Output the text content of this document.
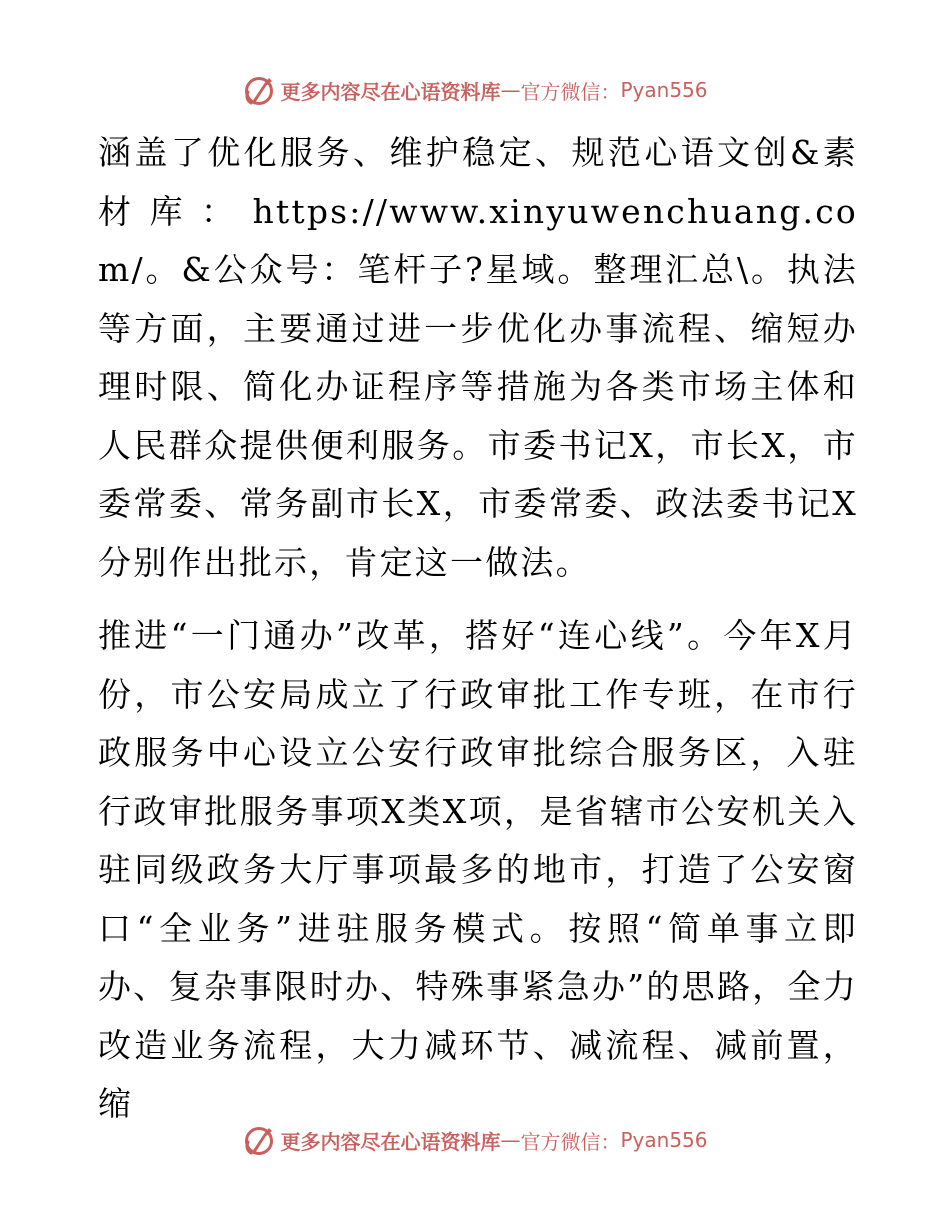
更多内容尽在心语资料库 — 官方微信： Pyan556

涵盖了优化服务、维护稳定、规范心语文创&素材库：https://www.xinyuwenchuang.com/。&公众号：笔杆子?星域。整理汇总\。执法等方面，主要通过进一步优化办事流程、缩短办理时限、简化办证程序等措施为各类市场主体和人民群众提供便利服务。市委书记X，市长X，市委常委、常务副市长X，市委常委、政法委书记X分别作出批示，肯定这一做法。

推进“一门通办”改革，搭好“连心线”。今年X月份，市公安局成立了行政审批工作专班，在市行政服务中心设立公安行政审批综合服务区，入驻行政审批服务事项X类X项，是省辖市公安机关入驻同级政务大厅事项最多的地市，打造了公安窗口“全业务”进驻服务模式。按照“简单事立即办、复杂事限时办、特殊事紧急办”的思路，全力改造业务流程，大力减环节、减流程、减前置，缩

更多内容尽在心语资料库 — 官方微信： Pyan556
